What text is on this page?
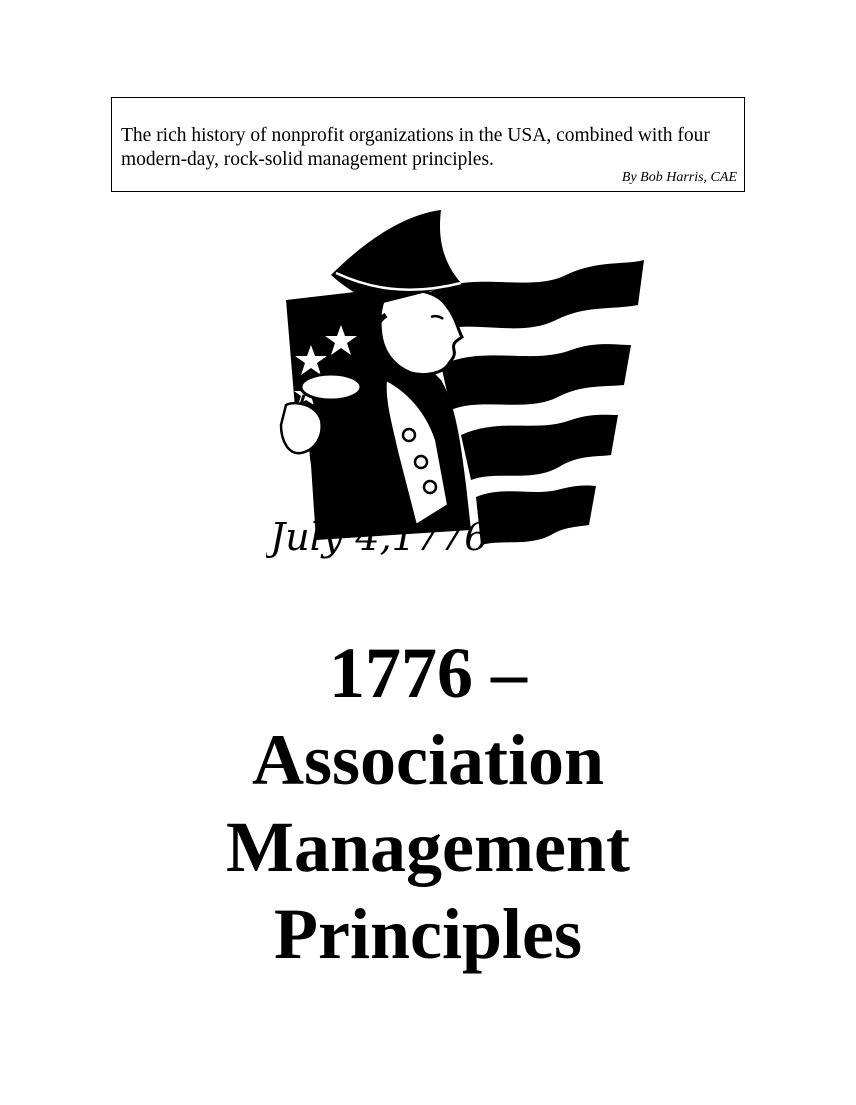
The rich history of nonprofit organizations in the USA, combined with four modern-day, rock-solid management principles.

By Bob Harris, CAE
July 4,1776
1776 –
Association
Management
Principles
